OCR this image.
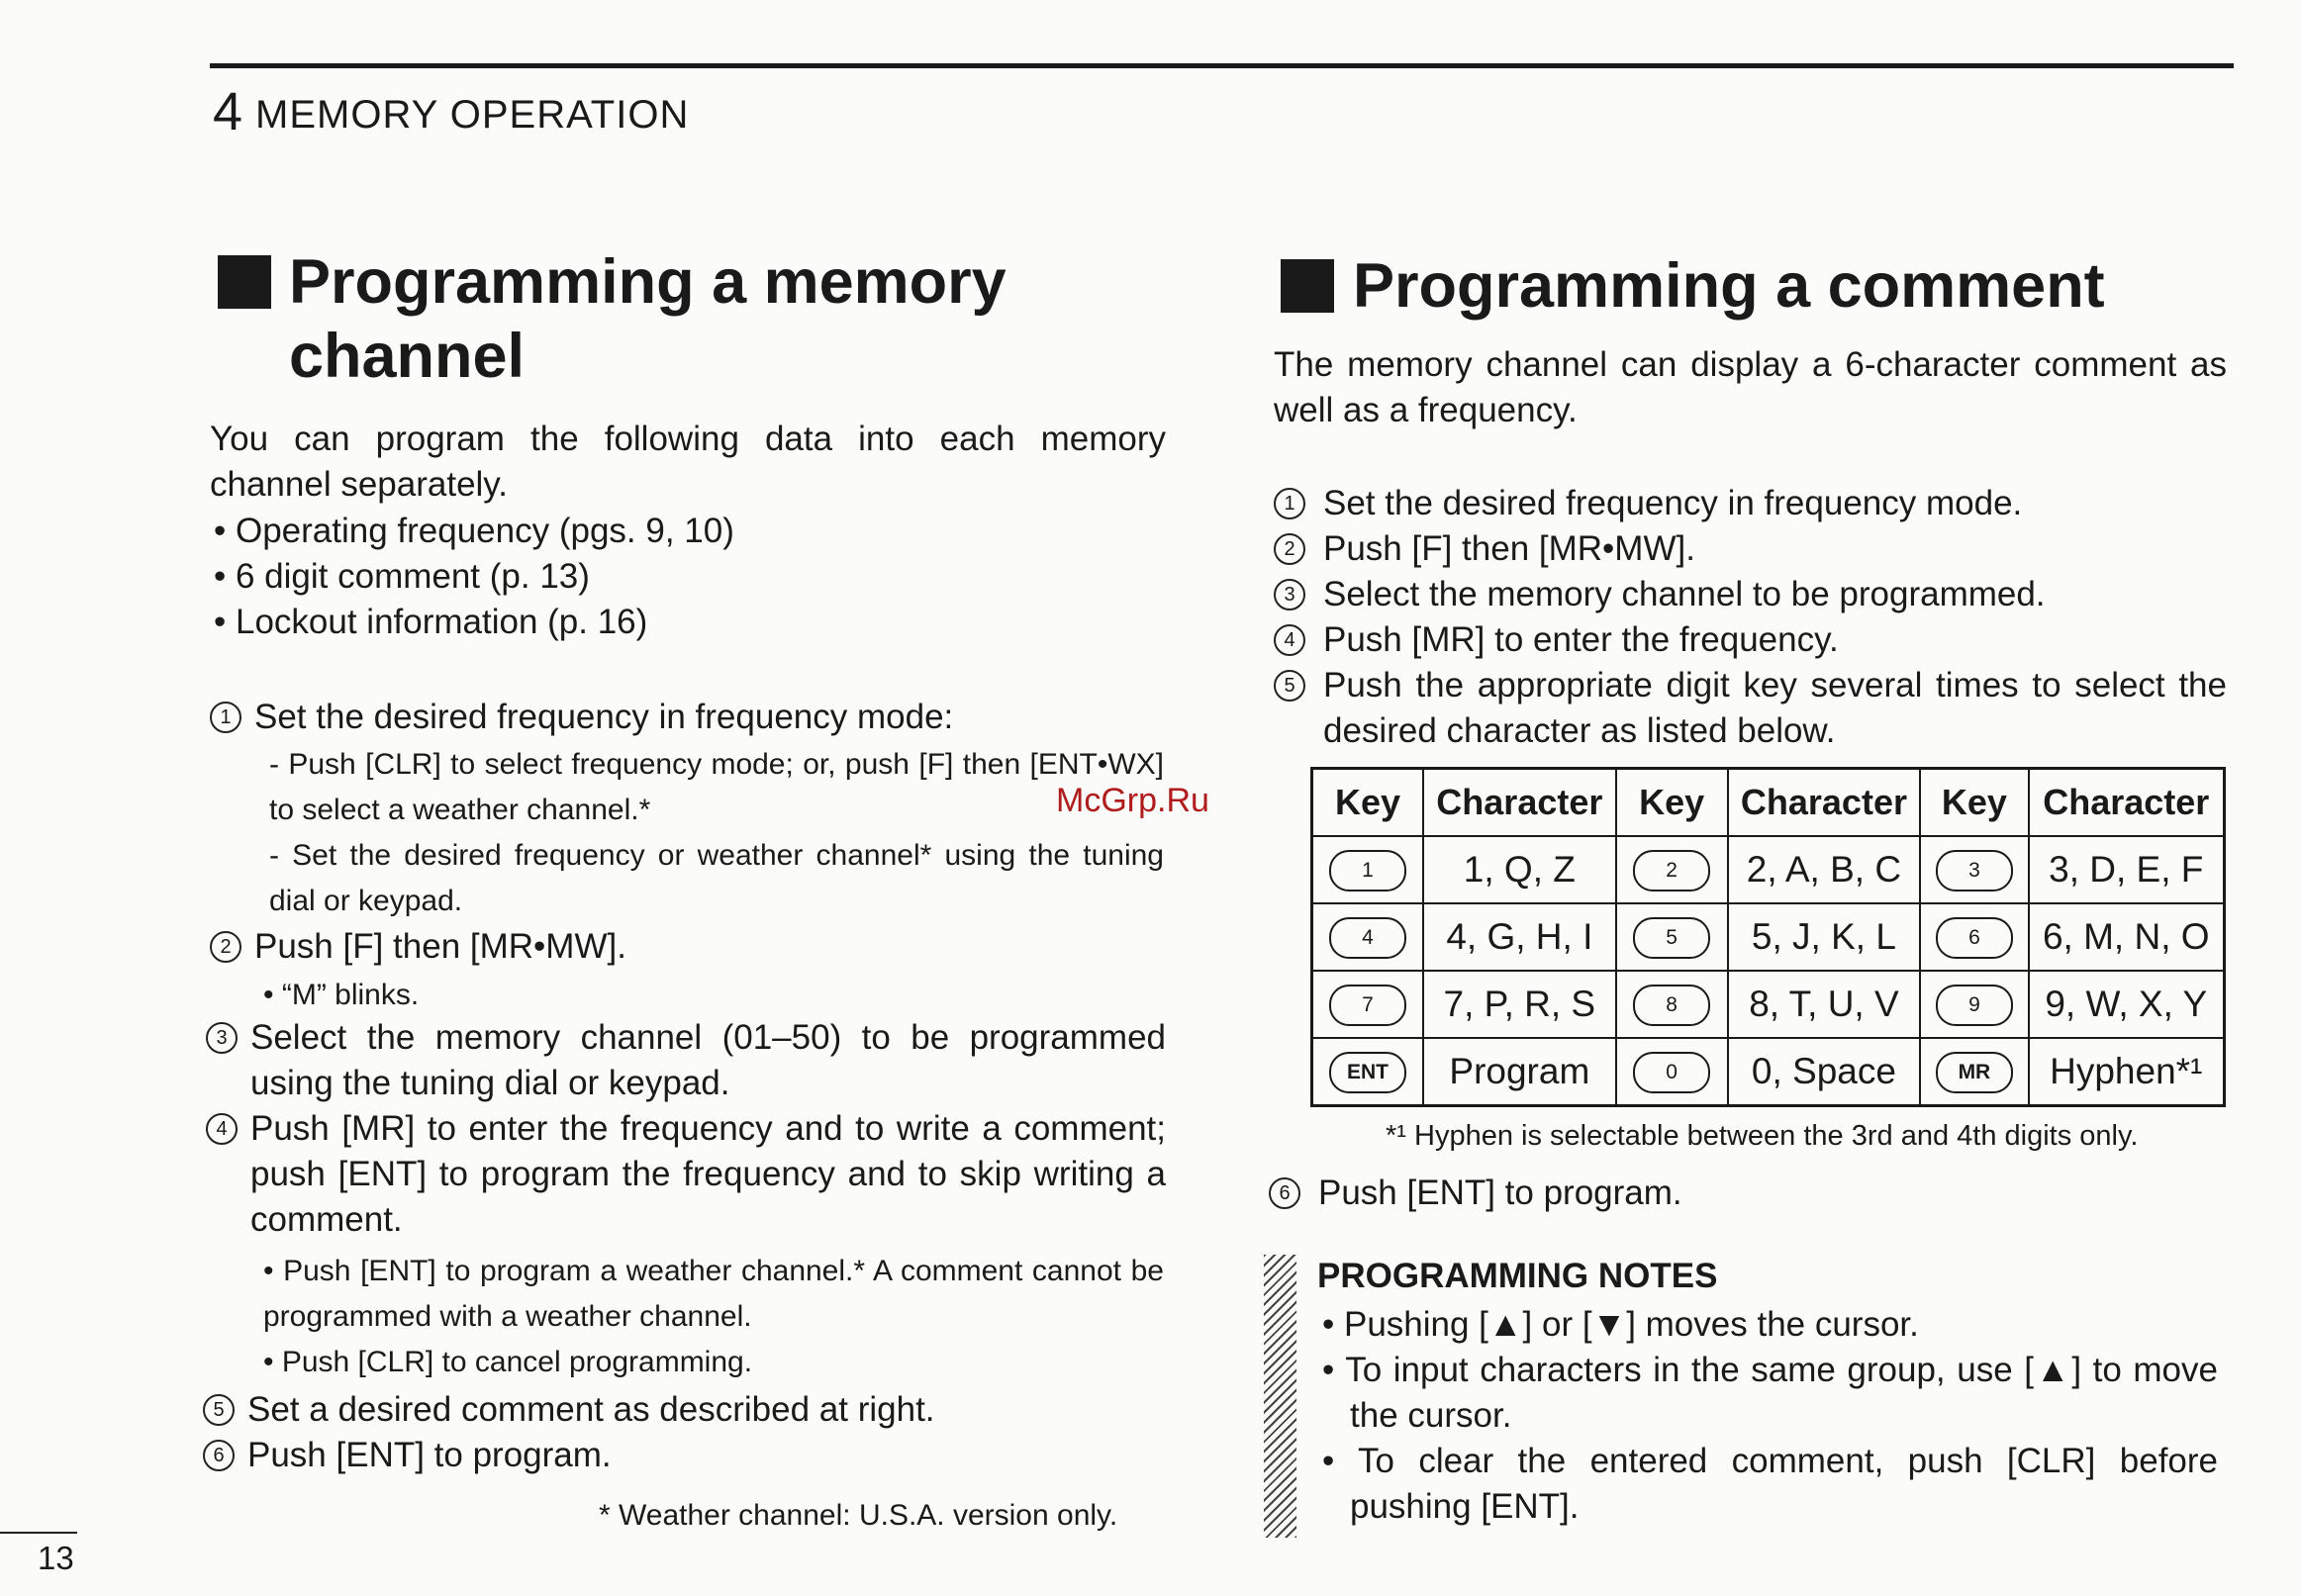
4 MEMORY OPERATION
McGrp.Ru
Programming a memory
channel

You can program the following data into each memory channel separately.

• Operating frequency (pgs. 9, 10)

• 6 digit comment (p. 13)

• Lockout information (p. 16)

1 Set the desired frequency in frequency mode:
- Push [CLR] to select frequency mode; or, push [F] then [ENT•WX] to select a weather channel.*
- Set the desired frequency or weather channel* using the tuning dial or keypad.
2 Push [F] then [MR•MW].
• “M” blinks.
3 Select the memory channel (01–50) to be programmed using the tuning dial or keypad.
4 Push [MR] to enter the frequency and to write a comment; push [ENT] to program the frequency and to skip writing a comment.
• Push [ENT] to program a weather channel.* A comment cannot be programmed with a weather channel.
• Push [CLR] to cancel programming.
5 Set a desired comment as described at right.
6 Push [ENT] to program.
* Weather channel: U.S.A. version only.
Programming a comment

The memory channel can display a 6-character comment as well as a frequency.

1 Set the desired frequency in frequency mode.
2 Push [F] then [MR•MW].
3 Select the memory channel to be programmed.
4 Push [MR] to enter the frequency.
5 Push the appropriate digit key several times to select the desired character as listed below.
Key	Character	Key	Character	Key	Character
1	1, Q, Z	2	2, A, B, C	3	3, D, E, F
4	4, G, H, I	5	5, J, K, L	6	6, M, N, O
7	7, P, R, S	8	8, T, U, V	9	9, W, X, Y
ENT	Program	0	0, Space	MR	Hyphen*¹
*¹ Hyphen is selectable between the 3rd and 4th digits only.
6 Push [ENT] to program.
PROGRAMMING NOTES
• Pushing [▲] or [▼] moves the cursor.
• To input characters in the same group, use [▲] to move the cursor.
• To clear the entered comment, push [CLR] before pushing [ENT].
13
